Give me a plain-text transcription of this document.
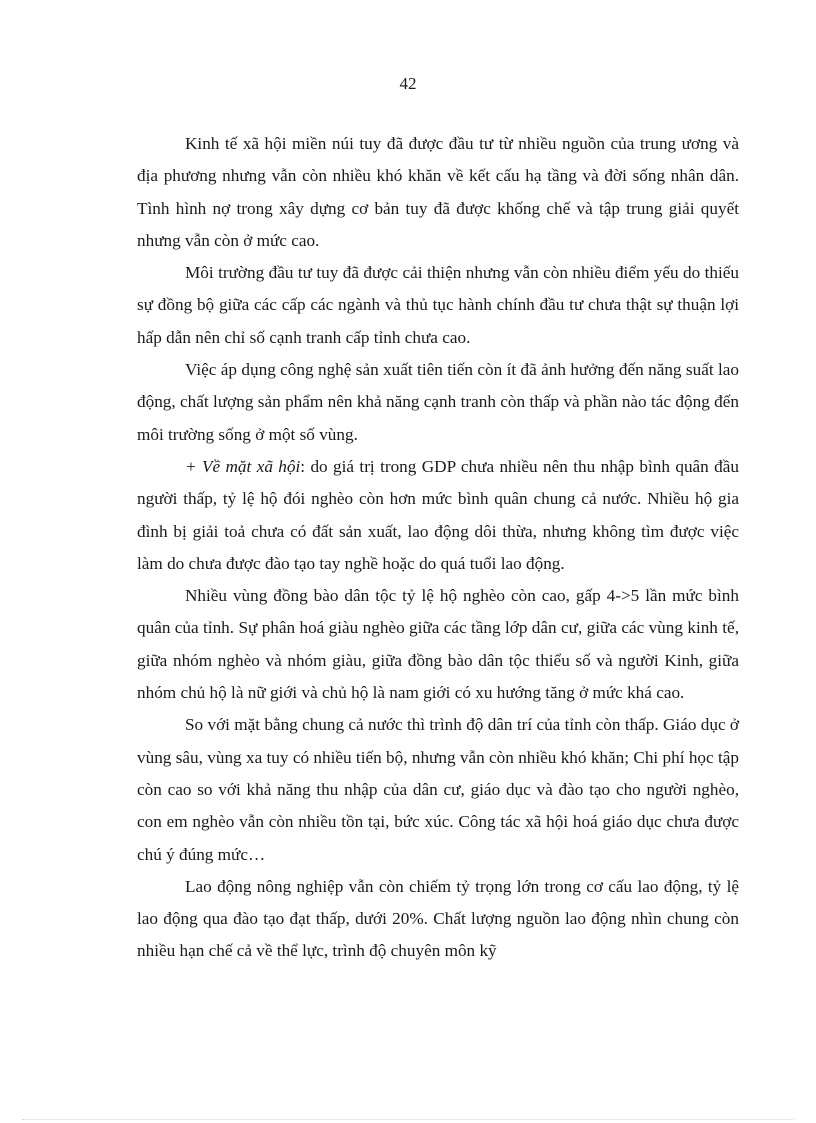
42

Kinh tế xã hội miền núi tuy đã được đầu tư từ nhiều nguồn của trung ương và địa phương nhưng vẫn còn nhiều khó khăn về kết cấu hạ tầng và đời sống nhân dân. Tình hình nợ trong xây dựng cơ bản tuy đã được khống chế và tập trung giải quyết nhưng vẫn còn ở mức cao.

Môi trường đầu tư tuy đã được cải thiện nhưng vẫn còn nhiều điểm yếu do thiếu sự đồng bộ giữa các cấp các ngành và thủ tục hành chính đầu tư chưa thật sự thuận lợi hấp dẫn nên chỉ số cạnh tranh cấp tỉnh chưa cao.

Việc áp dụng công nghệ sản xuất tiên tiến còn ít đã ảnh hưởng đến năng suất lao động, chất lượng sản phẩm nên khả năng cạnh tranh còn thấp và phần nào tác động đến môi trường sống ở một số vùng.

+ Về mặt xã hội: do giá trị trong GDP chưa nhiều nên thu nhập bình quân đầu người thấp, tỷ lệ hộ đói nghèo còn hơn mức bình quân chung cả nước. Nhiều hộ gia đình bị giải toả chưa có đất sản xuất, lao động dôi thừa, nhưng không tìm được việc làm do chưa được đào tạo tay nghề hoặc do quá tuổi lao động.

Nhiều vùng đồng bào dân tộc tỷ lệ hộ nghèo còn cao, gấp 4->5 lần mức bình quân của tỉnh. Sự phân hoá giàu nghèo giữa các tầng lớp dân cư, giữa các vùng kinh tế, giữa nhóm nghèo và nhóm giàu, giữa đồng bào dân tộc thiểu số và người Kinh, giữa nhóm chủ hộ là nữ giới và chủ hộ là nam giới có xu hướng tăng ở mức khá cao.

So với mặt bằng chung cả nước thì trình độ dân trí của tỉnh còn thấp. Giáo dục ở vùng sâu, vùng xa tuy có nhiều tiến bộ, nhưng vẫn còn nhiều khó khăn; Chi phí học tập còn cao so với khả năng thu nhập của dân cư, giáo dục và đào tạo cho người nghèo, con em nghèo vẫn còn nhiều tồn tại, bức xúc. Công tác xã hội hoá giáo dục chưa được chú ý đúng mức…

Lao động nông nghiệp vẫn còn chiếm tỷ trọng lớn trong cơ cấu lao động, tỷ lệ lao động qua đào tạo đạt thấp, dưới 20%. Chất lượng nguồn lao động nhìn chung còn nhiều hạn chế cả về thể lực, trình độ chuyên môn kỹ
